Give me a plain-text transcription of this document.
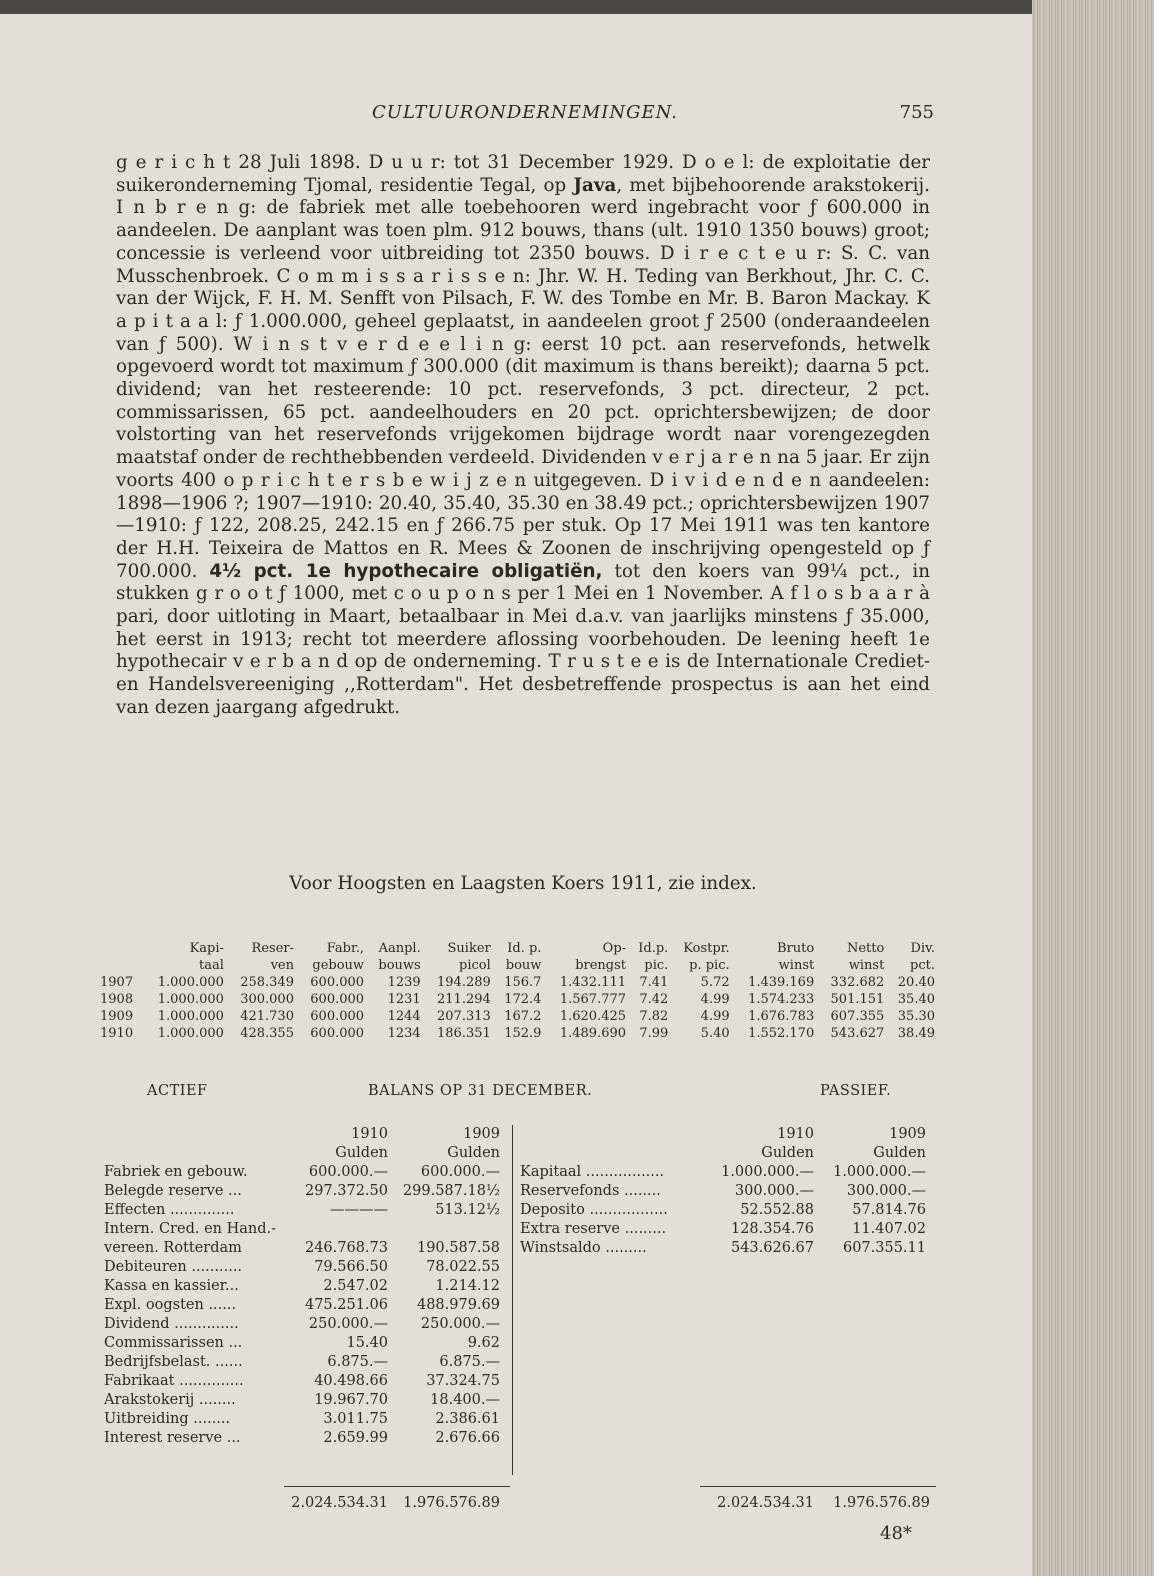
CULTUURONDERNEMINGEN.	755

g e r i c h t 28 Juli 1898. D u u r: tot 31 December 1929. D o e l: de exploitatie der suikeronderneming Tjomal, residentie Tegal, op Java, met bijbehoorende arakstokerij. I n b r e n g: de fabriek met alle toebehooren werd ingebracht voor ƒ 600.000 in aandeelen. De aanplant was toen plm. 912 bouws, thans (ult. 1910 1350 bouws) groot; concessie is verleend voor uitbreiding tot 2350 bouws. D i r e c t e u r: S. C. van Musschenbroek. C o m m i s s a r i s s e n: Jhr. W. H. Teding van Berkhout, Jhr. C. C. van der Wijck, F. H. M. Senfft von Pilsach, F. W. des Tombe en Mr. B. Baron Mackay. K a p i t a a l: ƒ 1.000.000, geheel geplaatst, in aandeelen groot ƒ 2500 (onderaandeelen van ƒ 500). W i n s t v e r d e e l i n g: eerst 10 pct. aan reservefonds, hetwelk opgevoerd wordt tot maximum ƒ 300.000 (dit maximum is thans bereikt); daarna 5 pct. dividend; van het resteerende: 10 pct. reservefonds, 3 pct. directeur, 2 pct. commissarissen, 65 pct. aandeelhouders en 20 pct. oprichtersbewijzen; de door volstorting van het reservefonds vrijgekomen bijdrage wordt naar vorengezegden maatstaf onder de rechthebbenden verdeeld. Dividenden v e r j a r e n na 5 jaar. Er zijn voorts 400 o p r i c h t e r s b e w i j z e n uitgegeven. D i v i d e n d e n aandeelen: 1898—1906 ?; 1907—1910: 20.40, 35.40, 35.30 en 38.49 pct.; oprichtersbewijzen 1907—1910: ƒ 122, 208.25, 242.15 en ƒ 266.75 per stuk. Op 17 Mei 1911 was ten kantore der H.H. Teixeira de Mattos en R. Mees & Zoonen de inschrijving opengesteld op ƒ 700.000. 4½ pct. 1e hypothecaire obligatiën, tot den koers van 99¼ pct., in stukken g r o o t ƒ 1000, met c o u p o n s per 1 Mei en 1 November. A f l o s b a a r à pari, door uitloting in Maart, betaalbaar in Mei d.a.v. van jaarlijks minstens ƒ 35.000, het eerst in 1913; recht tot meerdere aflossing voorbehouden. De leening heeft 1e hypothecair v e r b a n d op de onderneming. T r u s t e e is de Internationale Crediet- en Handelsvereeniging ,,Rotterdam". Het desbetreffende prospectus is aan het eind van dezen jaargang afgedrukt.

Voor Hoogsten en Laagsten Koers 1911, zie index.
	Kapi-	Reser-	Fabr.,	Aanpl.	Suiker	Id. p.	Op-	Id.p.	Kostpr.	Bruto	Netto	Div.
	taal	ven	gebouw	bouws	picol	bouw	brengst	pic.	p. pic.	winst	winst	pct.
1907	1.000.000	258.349	600.000	1239	194.289	156.7	1.432.111	7.41	5.72	1.439.169	332.682	20.40
1908	1.000.000	300.000	600.000	1231	211.294	172.4	1.567.777	7.42	4.99	1.574.233	501.151	35.40
1909	1.000.000	421.730	600.000	1244	207.313	167.2	1.620.425	7.82	4.99	1.676.783	607.355	35.30
1910	1.000.000	428.355	600.000	1234	186.351	152.9	1.489.690	7.99	5.40	1.552.170	543.627	38.49
ACTIEF	BALANS OP 31 DECEMBER.	PASSIEF.
1910	1909
Gulden	Gulden
Fabriek en gebouw.	600.000.—	600.000.—
Belegde reserve ...	297.372.50	299.587.18½
Effecten ..............	————	513.12½
Intern. Cred. en Hand.-
vereen. Rotterdam	246.768.73	190.587.58
Debiteuren ...........	79.566.50	78.022.55
Kassa en kassier...	2.547.02	1.214.12
Expl. oogsten ......	475.251.06	488.979.69
Dividend ..............	250.000.—	250.000.—
Commissarissen ...	15.40	9.62
Bedrijfsbelast. ......	6.875.—	6.875.—
Fabrikaat ..............	40.498.66	37.324.75
Arakstokerij ........	19.967.70	18.400.—
Uitbreiding ........	3.011.75	2.386.61
Interest reserve ...	2.659.99	2.676.66
1910	1909
Gulden	Gulden
Kapitaal .................	1.000.000.—	1.000.000.—
Reservefonds ........	300.000.—	300.000.—
Deposito .................	52.552.88	57.814.76
Extra reserve .........	128.354.76	11.407.02
Winstsaldo .........	543.626.67	607.355.11
2.024.534.31	1.976.576.89	2.024.534.31	1.976.576.89
48*
